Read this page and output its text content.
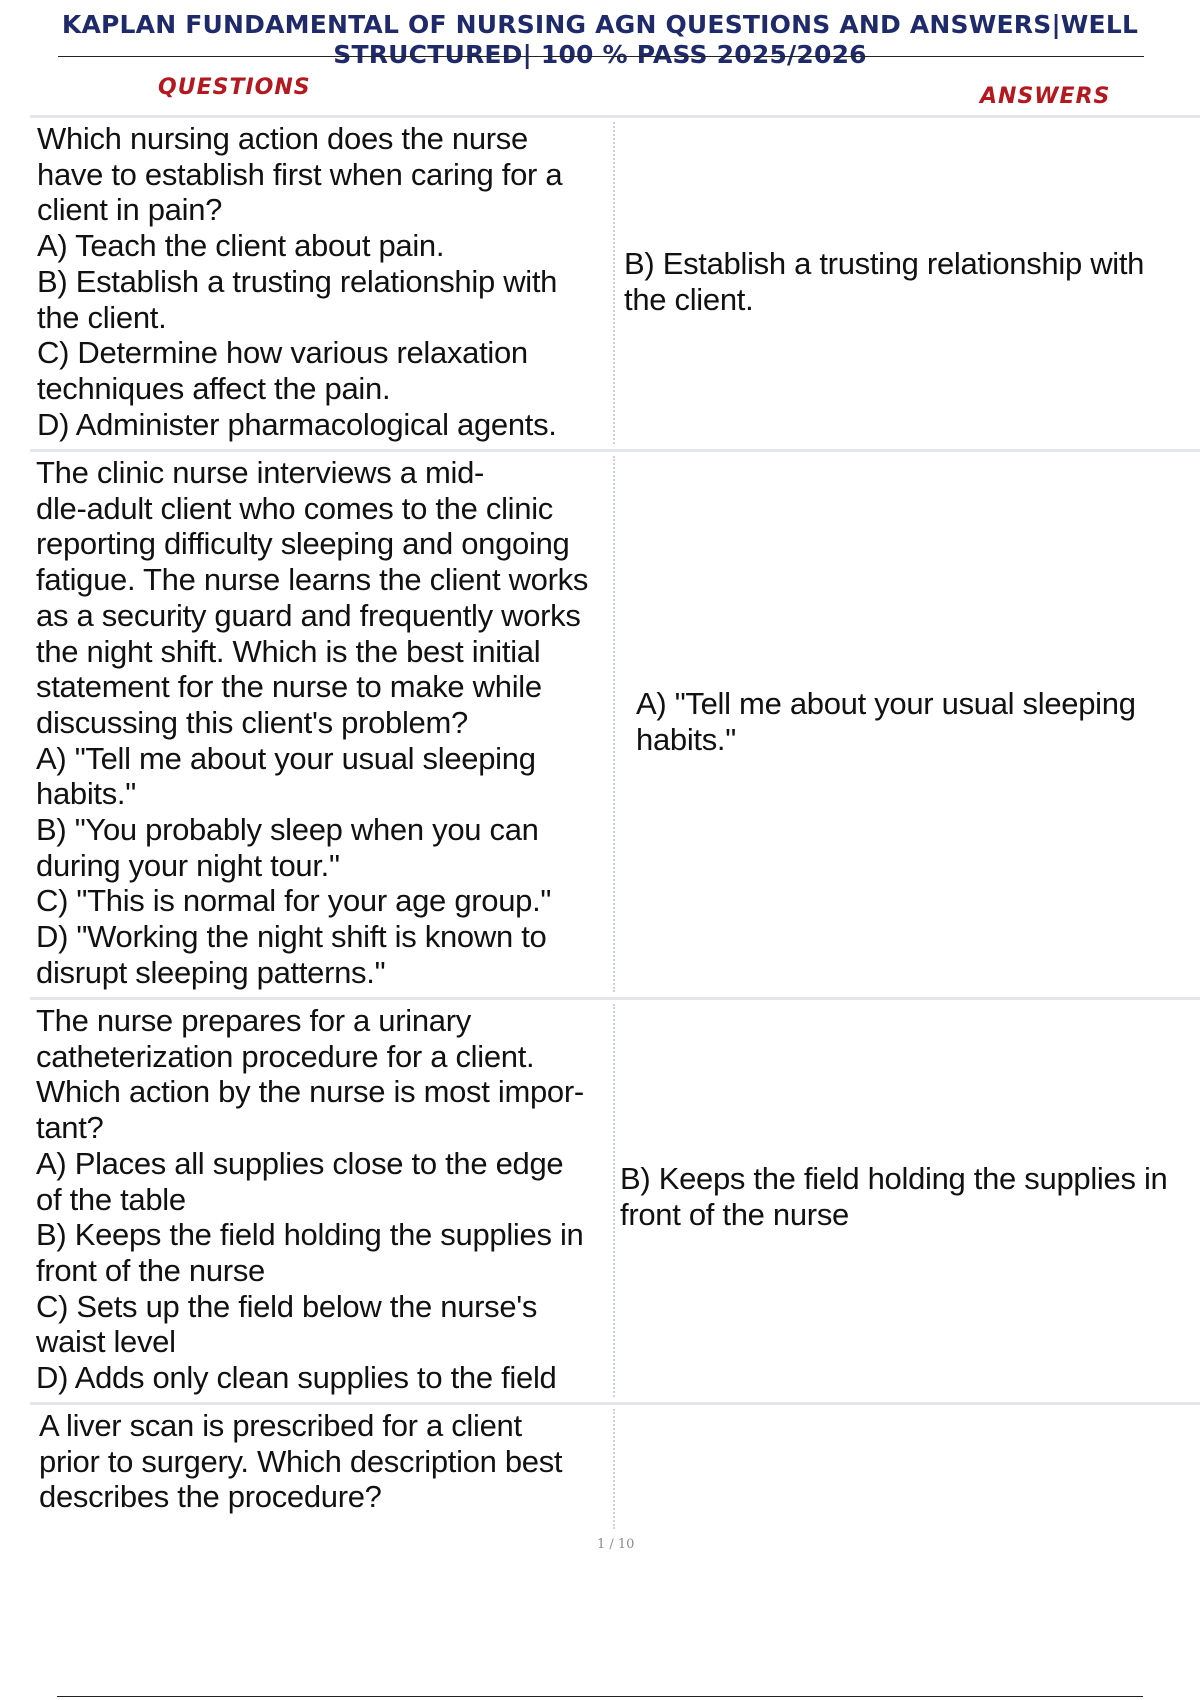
KAPLAN FUNDAMENTAL OF NURSING AGN QUESTIONS AND ANSWERS|WELL
STRUCTURED| 100 % PASS 2025/2026
QUESTIONS	ANSWERS
Which nursing action does the nurse
have to establish first when caring for a
client in pain?
A) Teach the client about pain.
B) Establish a trusting relationship with
the client.
C) Determine how various relaxation
techniques affect the pain.
D) Administer pharmacological agents.
B) Establish a trusting relationship with
the client.
The clinic nurse interviews a mid-
dle-adult client who comes to the clinic
reporting difficulty sleeping and ongoing
fatigue. The nurse learns the client works
as a security guard and frequently works
the night shift. Which is the best initial
statement for the nurse to make while
discussing this client's problem?
A) "Tell me about your usual sleeping
habits."
B) "You probably sleep when you can
during your night tour."
C) "This is normal for your age group."
D) "Working the night shift is known to
disrupt sleeping patterns."
A) "Tell me about your usual sleeping
habits."
The nurse prepares for a urinary
catheterization procedure for a client.
Which action by the nurse is most impor-
tant?
A) Places all supplies close to the edge
of the table
B) Keeps the field holding the supplies in
front of the nurse
C) Sets up the field below the nurse's
waist level
D) Adds only clean supplies to the field
B) Keeps the field holding the supplies in
front of the nurse
A liver scan is prescribed for a client
prior to surgery. Which description best
describes the procedure?
1 / 10
